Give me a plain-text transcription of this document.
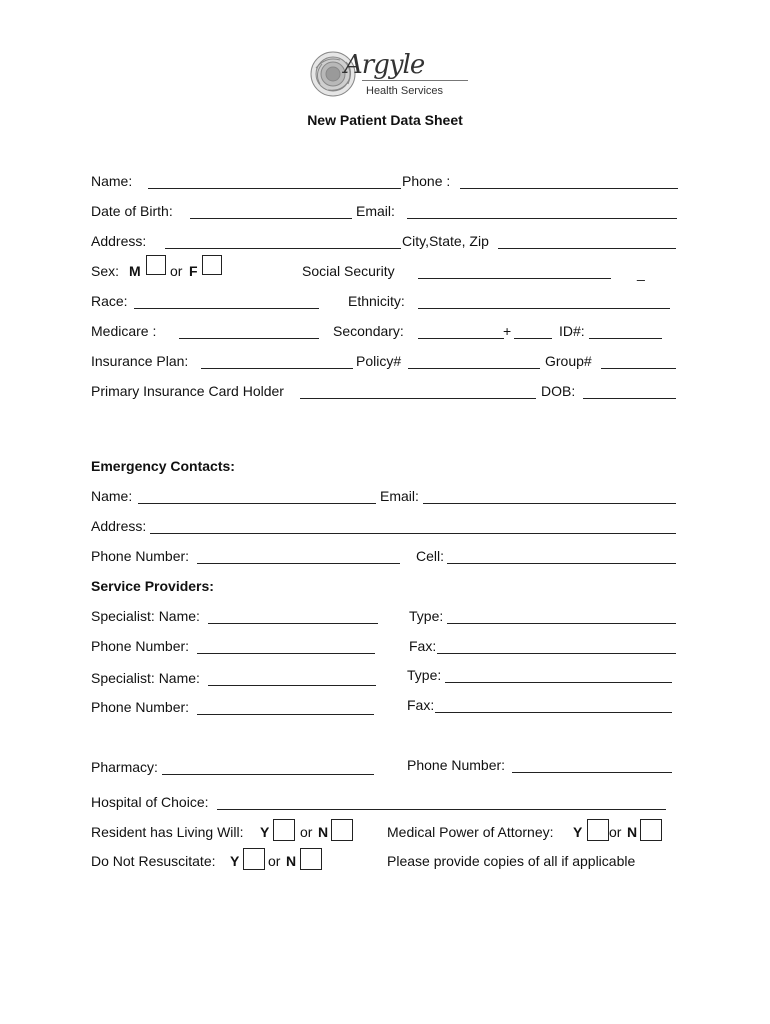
Argyle
Health Services
New Patient Data Sheet
Name:	Phone :
Date of Birth:	Email:
Address:	City,State, Zip
Sex: M or F	Social Security	_
Race:	Ethnicity:
Medicare :	Secondary:	+	ID#:
Insurance Plan:	Policy#	Group#
Primary Insurance Card Holder	DOB:
Emergency Contacts:
Name:	Email:
Address:
Phone Number:	Cell:
Service Providers:
Specialist: Name:	Type:
Phone Number:	Fax:
Specialist: Name:	Type:
Phone Number:	Fax:
Pharmacy:	Phone Number:
Hospital of Choice:
Resident has Living Will: Y or N	Medical Power of Attorney: Y or N
Do Not Resuscitate: Y or N	Please provide copies of all if applicable
